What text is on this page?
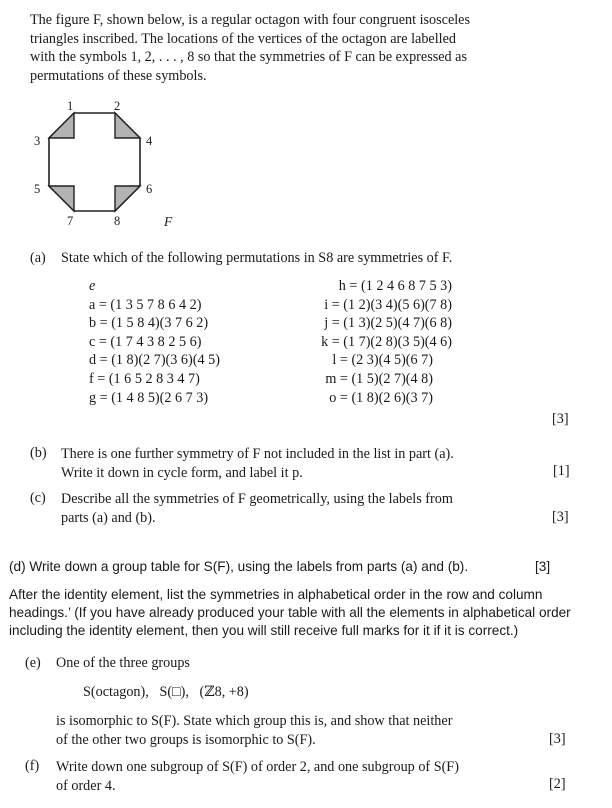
The figure F, shown below, is a regular octagon with four congruent isosceles
triangles inscribed. The locations of the vertices of the octagon are labelled
with the symbols 1, 2, . . . , 8 so that the symmetries of F can be expressed as
permutations of these symbols.
1	2
3	4
5	6
7	8	F
(a) State which of the following permutations in S8 are symmetries of F.
e
a = (1 3 5 7 8 6 4 2)
b = (1 5 8 4)(3 7 6 2)
c = (1 7 4 3 8 2 5 6)
d = (1 8)(2 7)(3 6)(4 5)
f = (1 6 5 2 8 3 4 7)
g = (1 4 8 5)(2 6 7 3)
h = (1 2 4 6 8 7 5 3)
i = (1 2)(3 4)(5 6)(7 8)
j = (1 3)(2 5)(4 7)(6 8)
k = (1 7)(2 8)(3 5)(4 6)
l = (2 3)(4 5)(6 7)
m = (1 5)(2 7)(4 8)
o = (1 8)(2 6)(3 7)
[3]
(b) There is one further symmetry of F not included in the list in part (a).
Write it down in cycle form, and label it p.	[1]
(c) Describe all the symmetries of F geometrically, using the labels from
parts (a) and (b).	[3]
(d) Write down a group table for S(F), using the labels from parts (a) and (b).	[3]
After the identity element, list the symmetries in alphabetical order in the row and column
headings.’ (If you have already produced your table with all the elements in alphabetical order
including the identity element, then you will still receive full marks for it if it is correct.)
(e) One of the three groups
S(octagon),   S(□),   (ℤ8, +8)
is isomorphic to S(F). State which group this is, and show that neither
of the other two groups is isomorphic to S(F).	[3]
(f) Write down one subgroup of S(F) of order 2, and one subgroup of S(F)
of order 4.	[2]
